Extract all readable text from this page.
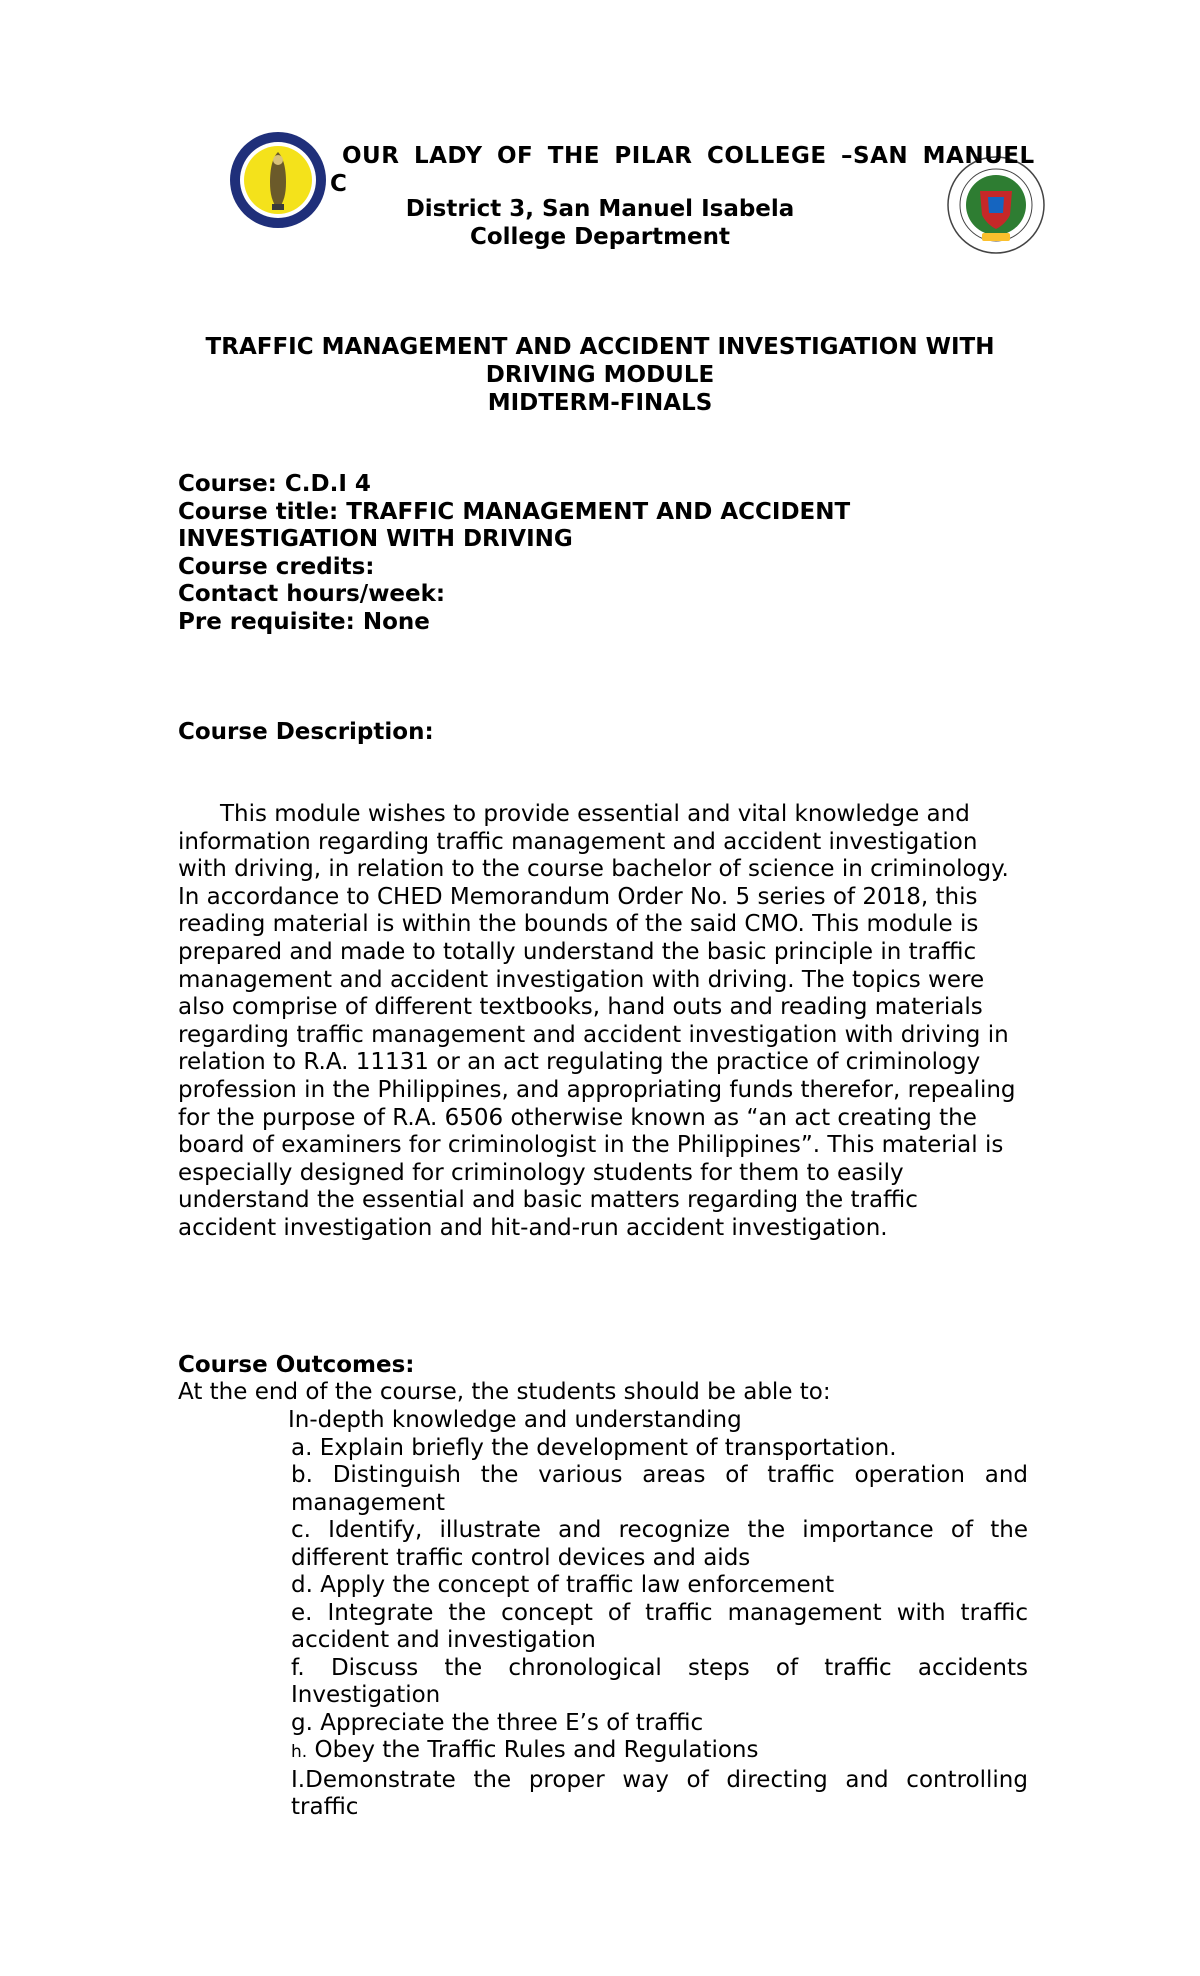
OUR LADY OF THE PILAR COLLEGE –SAN MANUEL
C
District 3, San Manuel Isabela
College Department
TRAFFIC MANAGEMENT AND ACCIDENT INVESTIGATION WITH
DRIVING MODULE
MIDTERM-FINALS
Course: C.D.I 4
Course title: TRAFFIC MANAGEMENT AND ACCIDENT
INVESTIGATION WITH DRIVING
Course credits:
Contact hours/week:
Pre requisite: None
Course Description:

This module wishes to provide essential and vital knowledge and information regarding traffic management and accident investigation with driving, in relation to the course bachelor of science in criminology. In accordance to CHED Memorandum Order No. 5 series of 2018, this reading material is within the bounds of the said CMO. This module is prepared and made to totally understand the basic principle in traffic management and accident investigation with driving. The topics were also comprise of different textbooks, hand outs and reading materials regarding traffic management and accident investigation with driving in relation to R.A. 11131 or an act regulating the practice of criminology profession in the Philippines, and appropriating funds therefor, repealing for the purpose of R.A. 6506 otherwise known as “an act creating the board of examiners for criminologist in the Philippines”. This material is especially designed for criminology students for them to easily understand the essential and basic matters regarding the traffic accident investigation and hit-and-run accident investigation.

Course Outcomes:
At the end of the course, the students should be able to:
In-depth knowledge and understanding
a. Explain briefly the development of transportation.
b. Distinguish the various areas of traffic operation and management
c. Identify, illustrate and recognize the importance of the different traffic control devices and aids
d. Apply the concept of traffic law enforcement
e. Integrate the concept of traffic management with traffic accident and investigation
f. Discuss the chronological steps of traffic accidents Investigation
g. Appreciate the three E’s of traffic
h. Obey the Traffic Rules and Regulations
I.Demonstrate the proper way of directing and controlling traffic
